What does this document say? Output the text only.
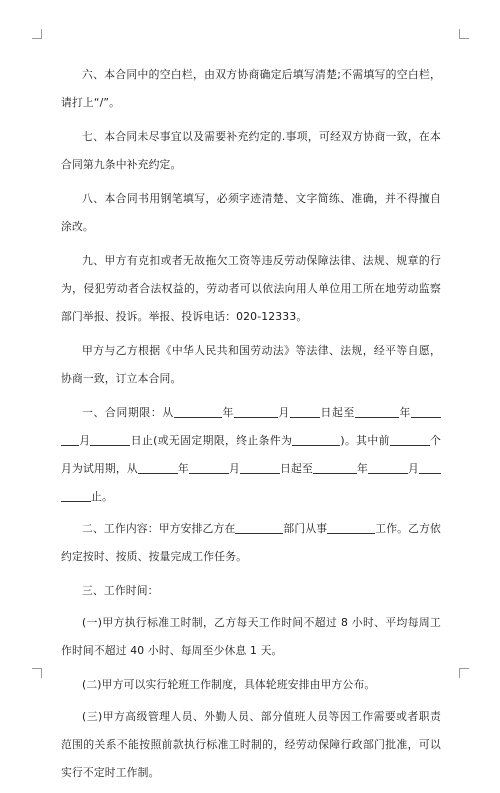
六、本合同中的空白栏，由双方协商确定后填写清楚;不需填写的空白栏，请打上“/”。

七、本合同未尽事宜以及需要补充约定的.事项，可经双方协商一致，在本合同第九条中补充约定。

八、本合同书用钢笔填写，必须字迹清楚、文字简练、准确，并不得擅自涂改。

九、甲方有克扣或者无故拖欠工资等违反劳动保障法律、法规、规章的行为，侵犯劳动者合法权益的，劳动者可以依法向用人单位用工所在地劳动监察部门举报、投诉。举报、投诉电话：020-12333。

甲方与乙方根据《中华人民共和国劳动法》等法律、法规，经平等自愿，协商一致，订立本合同。

一、合同期限：从	年	月	日起至	年月	日止(或无固定期限，终止条件为	)。其中前	个月为试用期，从	年	月	日起至	年	月止。

二、工作内容：甲方安排乙方在	部门从事	工作。乙方依约定按时、按质、按量完成工作任务。

三、工作时间：

(一)甲方执行标准工时制，乙方每天工作时间不超过 8 小时、平均每周工作时间不超过 40 小时、每周至少休息 1 天。

(二)甲方可以实行轮班工作制度，具体轮班安排由甲方公布。

(三)甲方高级管理人员、外勤人员、部分值班人员等因工作需要或者职责范围的关系不能按照前款执行标准工时制的，经劳动保障行政部门批准，可以实行不定时工作制。
